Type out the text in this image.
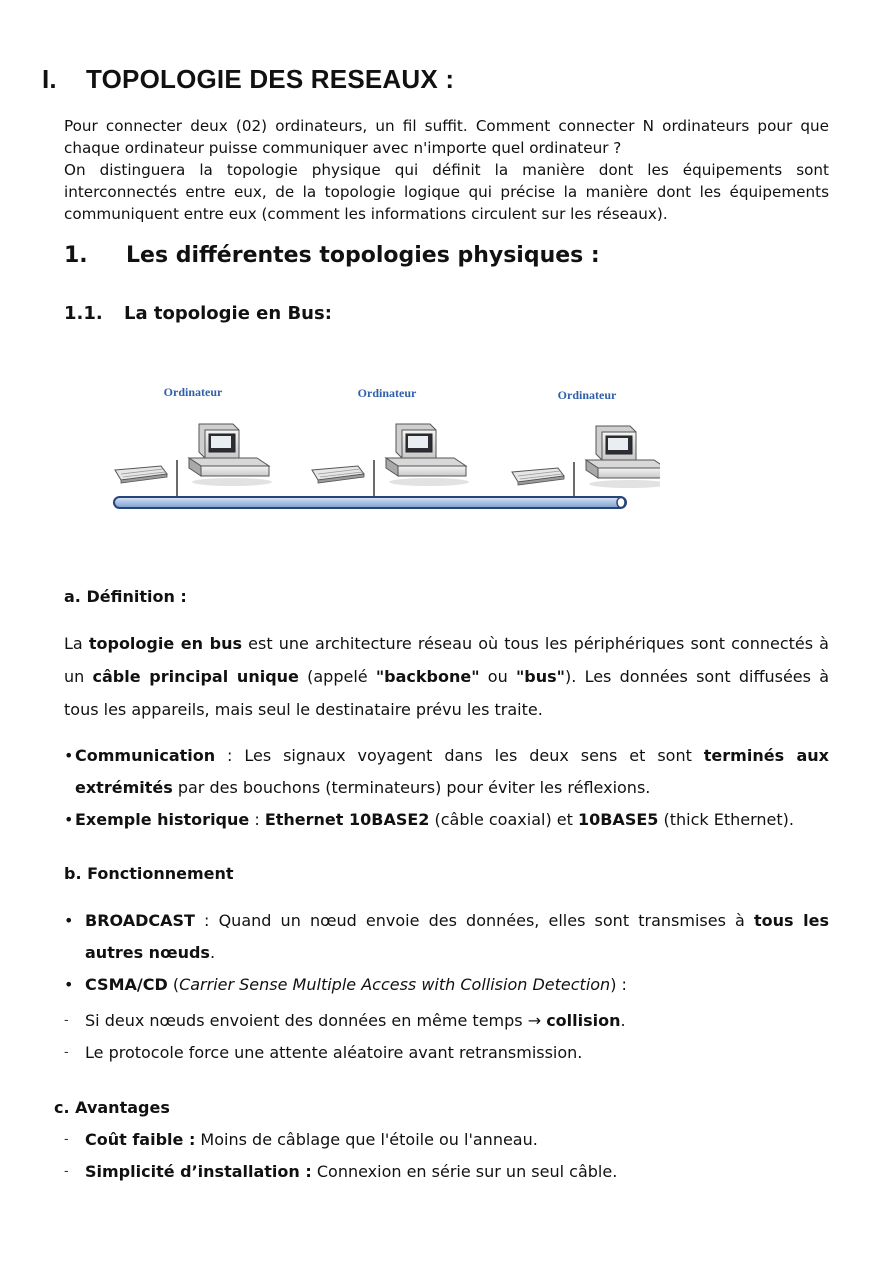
I. TOPOLOGIE DES RESEAUX :

Pour connecter deux (02) ordinateurs, un fil suffit. Comment connecter N ordinateurs pour que chaque ordinateur puisse communiquer avec n'importe quel ordinateur ?

On distinguera la topologie physique qui définit la manière dont les équipements sont interconnectés entre eux, de la topologie logique qui précise la manière dont les équipements communiquent entre eux (comment les informations circulent sur les réseaux).

1. Les différentes topologies physiques :
1.1. La topologie en Bus:
Ordinateur	Ordinateur	Ordinateur
a. Définition :

La topologie en bus est une architecture réseau où tous les périphériques sont connectés à un câble principal unique (appelé "backbone" ou "bus"). Les données sont diffusées à tous les appareils, mais seul le destinataire prévu les traite.

• Communication : Les signaux voyagent dans les deux sens et sont terminés aux extrémités par des bouchons (terminateurs) pour éviter les réflexions.
• Exemple historique : Ethernet 10BASE2 (câble coaxial) et 10BASE5 (thick Ethernet).
b. Fonctionnement
• BROADCAST : Quand un nœud envoie des données, elles sont transmises à tous les autres nœuds.
• CSMA/CD (Carrier Sense Multiple Access with Collision Detection) :
- Si deux nœuds envoient des données en même temps → collision.
- Le protocole force une attente aléatoire avant retransmission.
c. Avantages
- Coût faible : Moins de câblage que l'étoile ou l'anneau.
- Simplicité d’installation : Connexion en série sur un seul câble.
